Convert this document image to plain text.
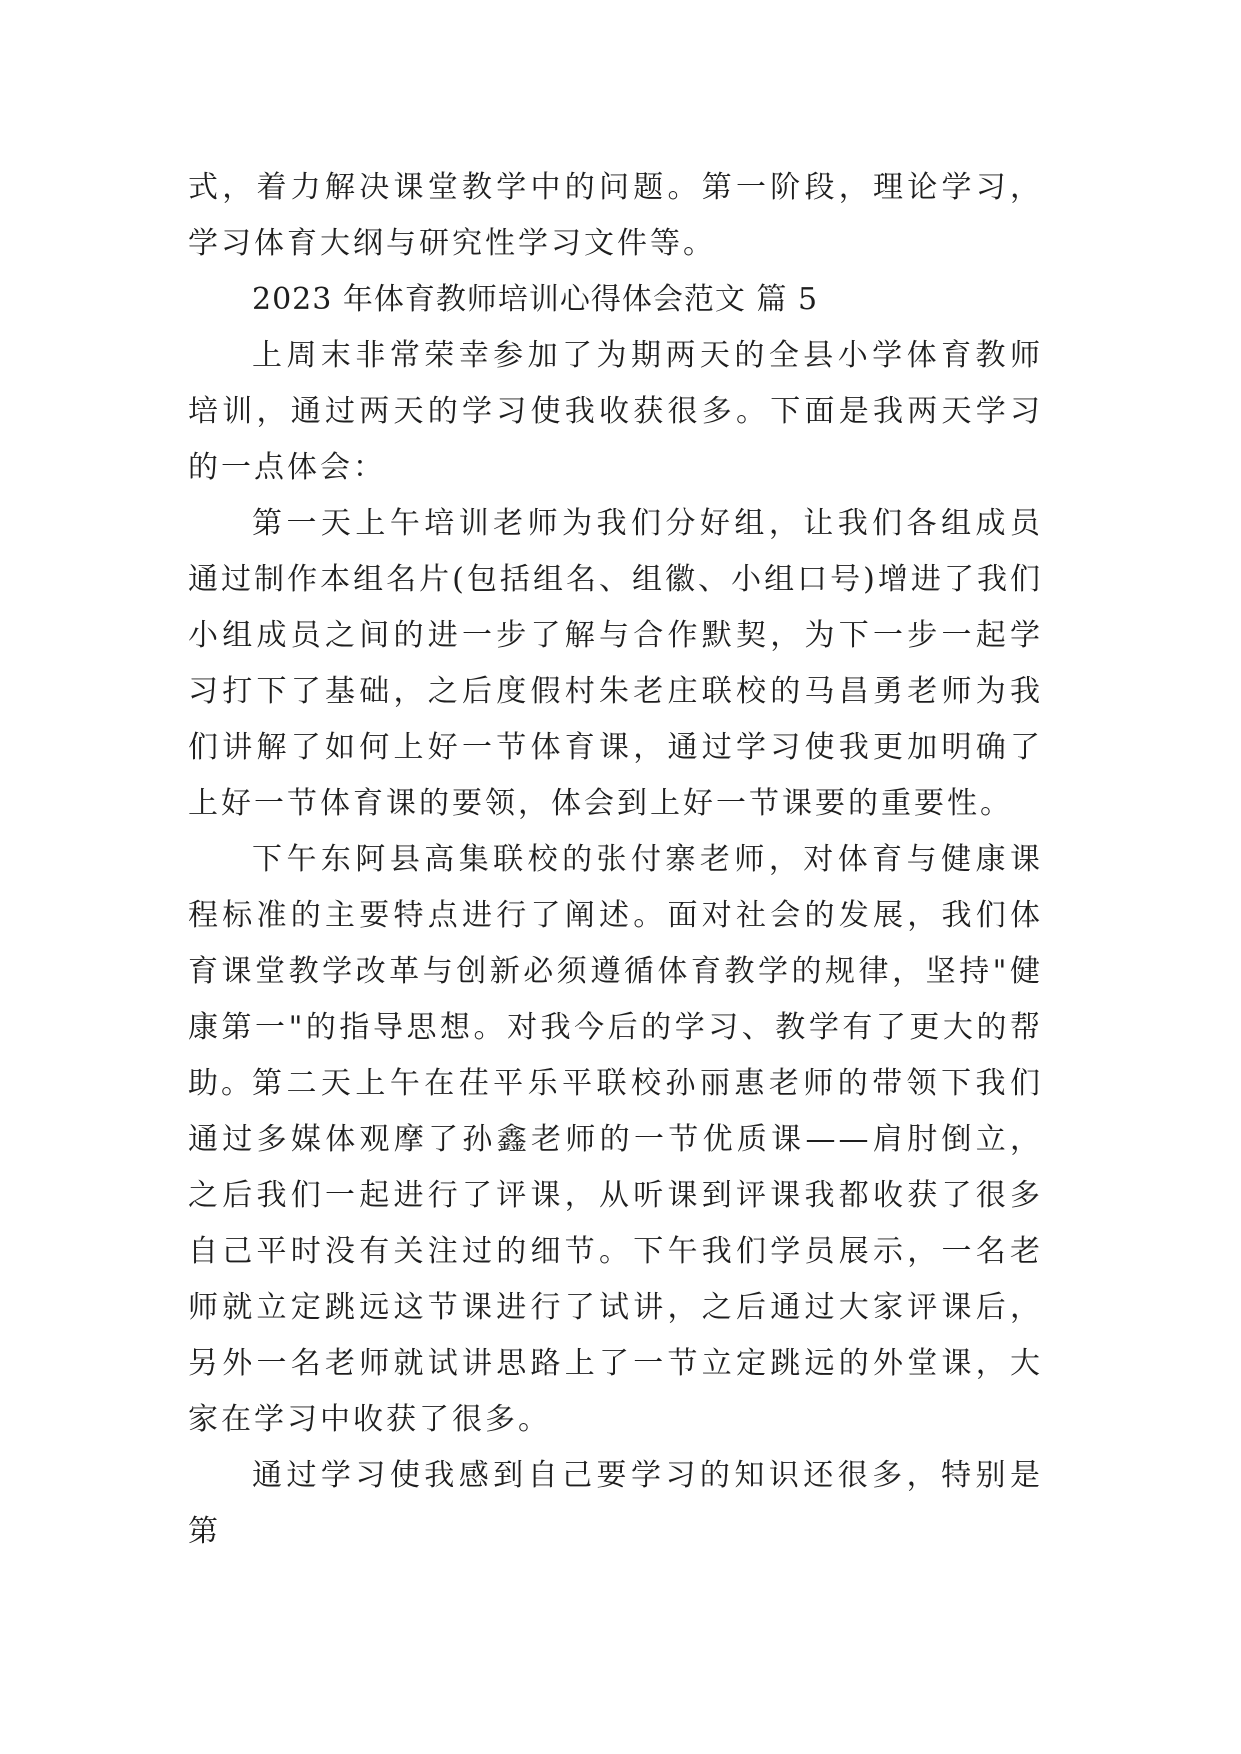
式，着力解决课堂教学中的问题。第一阶段，理论学习，学习体育大纲与研究性学习文件等。

2023 年体育教师培训心得体会范文 篇 5

上周末非常荣幸参加了为期两天的全县小学体育教师培训，通过两天的学习使我收获很多。下面是我两天学习的一点体会：

第一天上午培训老师为我们分好组，让我们各组成员通过制作本组名片(包括组名、组徽、小组口号)增进了我们小组成员之间的进一步了解与合作默契，为下一步一起学习打下了基础，之后度假村朱老庄联校的马昌勇老师为我们讲解了如何上好一节体育课，通过学习使我更加明确了上好一节体育课的要领，体会到上好一节课要的重要性。

下午东阿县高集联校的张付寨老师，对体育与健康课程标准的主要特点进行了阐述。面对社会的发展，我们体育课堂教学改革与创新必须遵循体育教学的规律，坚持"健康第一"的指导思想。对我今后的学习、教学有了更大的帮助。

第二天上午在茌平乐平联校孙丽惠老师的带领下我们通过多媒体观摩了孙鑫老师的一节优质课——肩肘倒立，之后我们一起进行了评课，从听课到评课我都收获了很多自己平时没有关注过的细节。下午我们学员展示，一名老师就立定跳远这节课进行了试讲，之后通过大家评课后，另外一名老师就试讲思路上了一节立定跳远的外堂课，大家在学习中收获了很多。

通过学习使我感到自己要学习的知识还很多，特别是第
